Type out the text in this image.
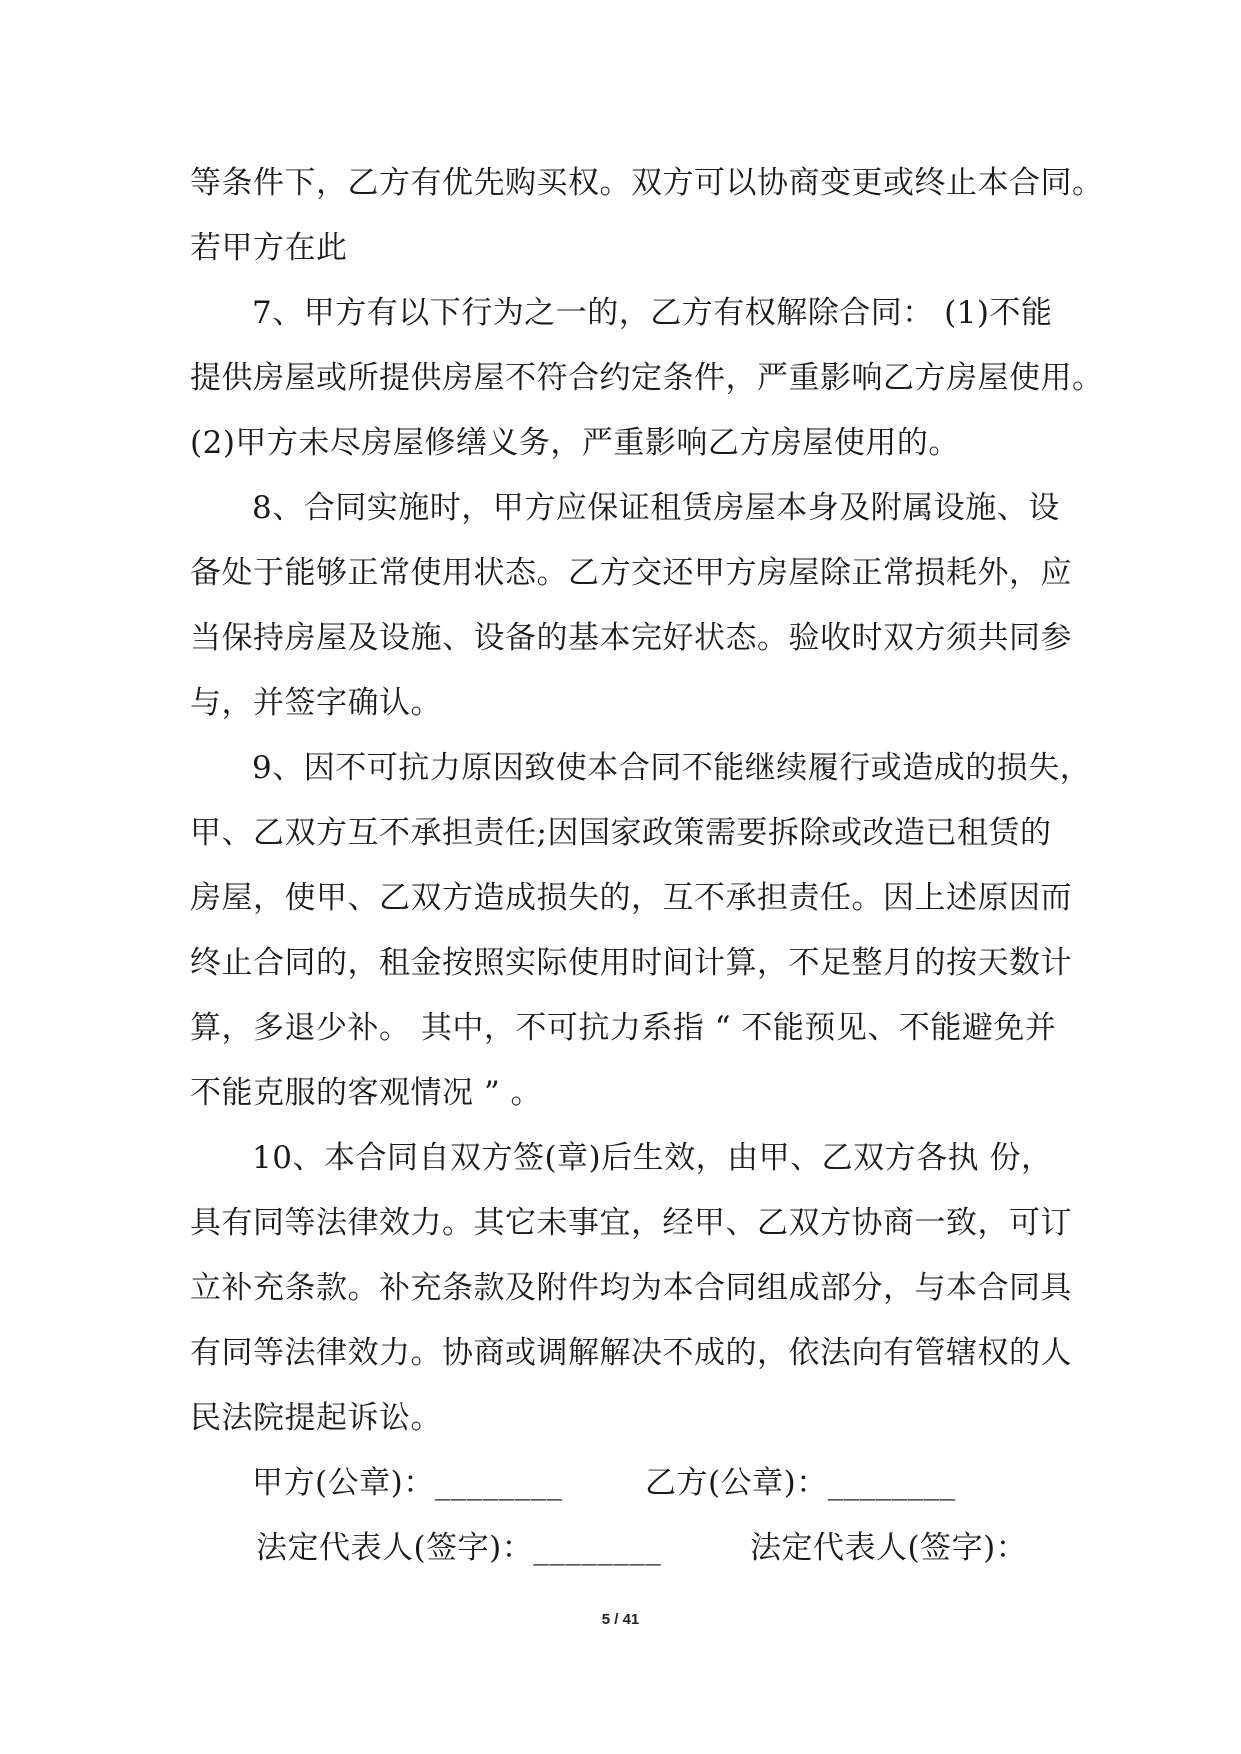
等条件下，乙方有优先购买权。双方可以协商变更或终止本合同。

若甲方在此

7、甲方有以下行为之一的，乙方有权解除合同： (1)不能

提供房屋或所提供房屋不符合约定条件，严重影响乙方房屋使用。

(2)甲方未尽房屋修缮义务，严重影响乙方房屋使用的。

8、合同实施时，甲方应保证租赁房屋本身及附属设施、设

备处于能够正常使用状态。乙方交还甲方房屋除正常损耗外，应

当保持房屋及设施、设备的基本完好状态。验收时双方须共同参

与，并签字确认。

9、因不可抗力原因致使本合同不能继续履行或造成的损失，

甲、乙双方互不承担责任;因国家政策需要拆除或改造已租赁的

房屋，使甲、乙双方造成损失的，互不承担责任。因上述原因而

终止合同的，租金按照实际使用时间计算，不足整月的按天数计

算，多退少补。 其中，不可抗力系指 “ 不能预见、不能避免并

不能克服的客观情况 ” 。

10、本合同自双方签(章)后生效，由甲、乙双方各执 份，

具有同等法律效力。其它未事宜，经甲、乙双方协商一致，可订

立补充条款。补充条款及附件均为本合同组成部分，与本合同具

有同等法律效力。协商或调解解决不成的，依法向有管辖权的人

民法院提起诉讼。

甲方(公章)：________	乙方(公章)：________

法定代表人(签字)：________	法定代表人(签字)：

5 / 41
